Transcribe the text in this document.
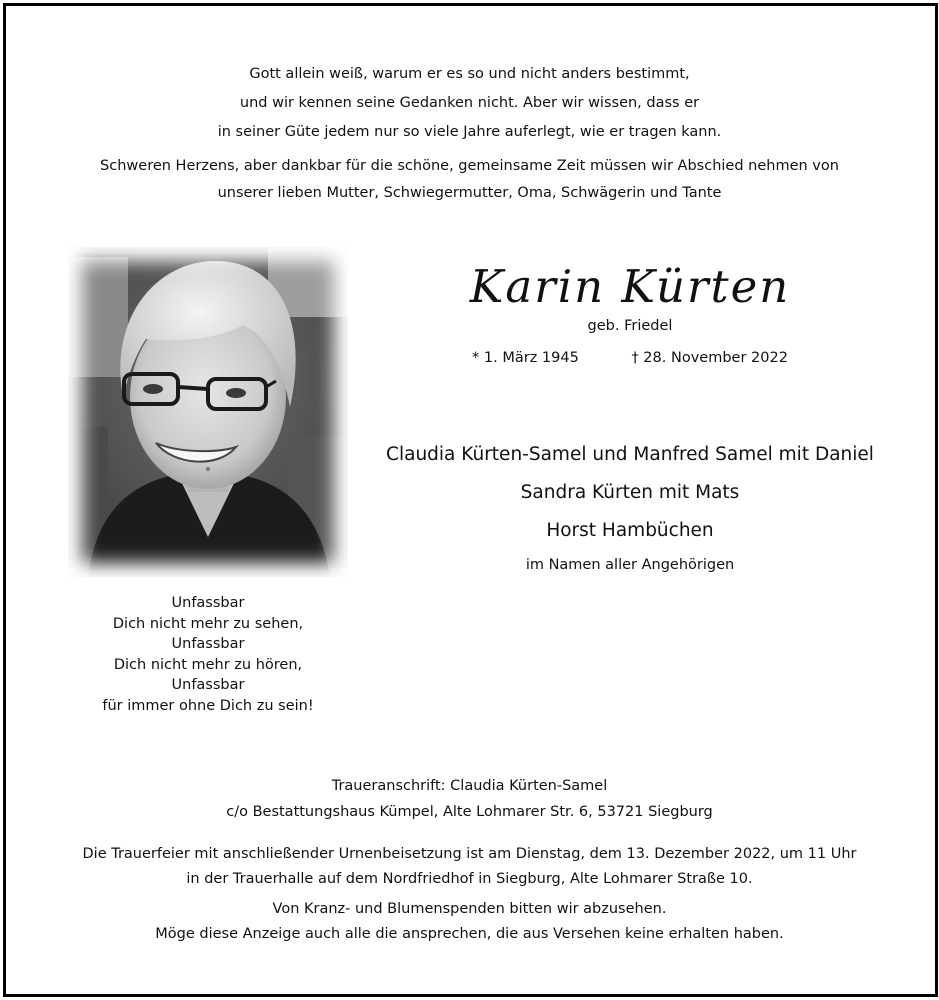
Gott allein weiß, warum er es so und nicht anders bestimmt,
und wir kennen seine Gedanken nicht. Aber wir wissen, dass er
in seiner Güte jedem nur so viele Jahre auferlegt, wie er tragen kann.
Schweren Herzens, aber dankbar für die schöne, gemeinsame Zeit müssen wir Abschied nehmen von
unserer lieben Mutter, Schwiegermutter, Oma, Schwägerin und Tante
Unfassbar
Dich nicht mehr zu sehen,
Unfassbar
Dich nicht mehr zu hören,
Unfassbar
für immer ohne Dich zu sein!
Karin Kürten
geb. Friedel
* 1. März 1945	† 28. November 2022
Claudia Kürten-Samel und Manfred Samel mit Daniel
Sandra Kürten mit Mats
Horst Hambüchen
im Namen aller Angehörigen
Traueranschrift: Claudia Kürten-Samel
c/o Bestattungshaus Kümpel, Alte Lohmarer Str. 6, 53721 Siegburg
Die Trauerfeier mit anschließender Urnenbeisetzung ist am Dienstag, dem 13. Dezember 2022, um 11 Uhr
in der Trauerhalle auf dem Nordfriedhof in Siegburg, Alte Lohmarer Straße 10.
Von Kranz- und Blumenspenden bitten wir abzusehen.
Möge diese Anzeige auch alle die ansprechen, die aus Versehen keine erhalten haben.
